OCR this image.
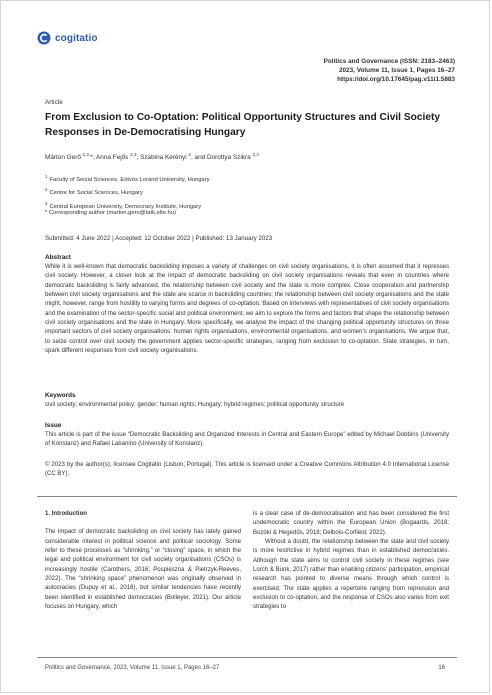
cogitatio
Politics and Governance (ISSN: 2183–2463)
2023, Volume 11, Issue 1, Pages 16–27
https://doi.org/10.17645/pag.v11i1.5883
Article
From Exclusion to Co-Optation: Political Opportunity Structures and Civil Society Responses in De-Democratising Hungary
Márton Gerő $^{1,2,}$*, Anna Fejős $^{2,3}$, Szabina Kerényi $^2$, and Dorottya Szikra $^{2,3}$
$^1$Faculty of Social Sciences, Eötvös Loránd University, Hungary
$^2$Centre for Social Sciences, Hungary
$^3$Central European University, Democracy Institute, Hungary
* Corresponding author (marton.gero@tatk.elte.hu)
Submitted: 4 June 2022 | Accepted: 12 October 2022 | Published: 13 January 2023
Abstract
While it is well-known that democratic backsliding imposes a variety of challenges on civil society organisations, it is often assumed that it represses civil society. However, a closer look at the impact of democratic backsliding on civil society organisations reveals that even in countries where democratic backsliding is fairly advanced, the relationship between civil society and the state is more complex. Close cooperation and partnership between civil society organisations and the state are scarce in backsliding countries; the relationship between civil society organisations and the state might, however, range from hostility to varying forms and degrees of co-optation. Based on interviews with representatives of civil society organisations and the examination of the sector-specific social and political environment, we aim to explore the forms and factors that shape the relationship between civil society organisations and the state in Hungary. More specifically, we analyse the impact of the changing political opportunity structures on three important sectors of civil society organisations: human rights organisations, environmental organisations, and women’s organisations. We argue that, to seize control over civil society the government applies sector-specific strategies, ranging from exclusion to co-optation. State strategies, in turn, spark different responses from civil society organisations.
Keywords
civil society; environmental policy; gender; human rights; Hungary; hybrid regimes; political opportunity structure
Issue
This article is part of the issue “Democratic Backsliding and Organized Interests in Central and Eastern Europe” edited by Michael Dobbins (University of Konstanz) and Rafael Labanino (University of Konstanz).
© 2023 by the author(s); licensee Cogitatio (Lisbon, Portugal). This article is licensed under a Creative Commons Attribution 4.0 International License (CC BY).

1. Introduction

The impact of democratic backsliding on civil society has lately gained considerable interest in political science and political sociology. Some refer to these processes as “shrinking,” or “closing” space, in which the legal and political environment for civil society organisations (CSOs) is increasingly hostile (Carothers, 2016; Pospieszna & Pietrzyk-Reeves, 2022). The “shrinking space” phenomenon was originally observed in autocracies (Dupuy et al., 2016), but similar tendencies have recently been identified in established democracies (Bolleyer, 2021). Our article focuses on Hungary, which

is a clear case of de-democratisation and has been considered the first undemocratic country within the European Union (Bogaards, 2018; Bozóki & Hegedűs, 2018; Delbois-Corfield, 2022).

Without a doubt, the relationship between the state and civil society is more restrictive in hybrid regimes than in established democracies. Although the state aims to control civil society in these regimes (see Lorch & Bunk, 2017) rather than enabling citizens’ participation, empirical research has pointed to diverse means through which control is exercised. The state applies a repertoire ranging from repression and exclusion to co-optation, and the response of CSOs also varies from exit strategies to

Politics and Governance, 2023, Volume 11, Issue 1, Pages 16–27	16
